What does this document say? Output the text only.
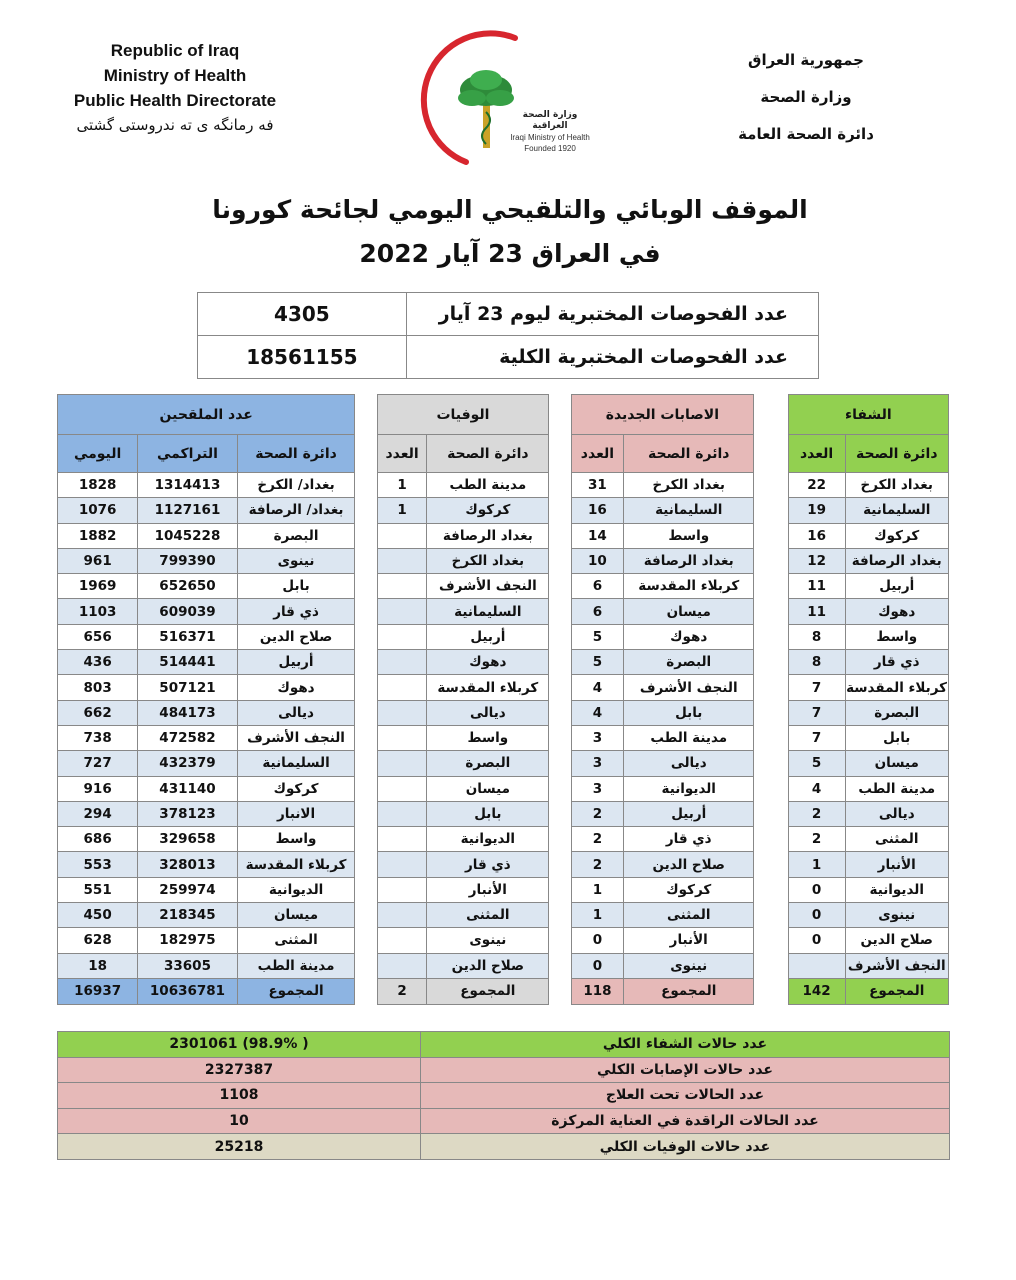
Republic of Iraq
Ministry of Health
Public Health Directorate
فه رمانگه ی ته ندروستی گشتی
جمهورية العراق
وزارة الصحة
دائرة الصحة العامة
وزارة الصحة العراقية
Iraqi Ministry of Health
Founded 1920
الموقف الوبائي والتلقيحي اليومي لجائحة كورونا
في العراق 23 آيار 2022
عدد الفحوصات المختبرية ليوم 23 آيار	4305
عدد الفحوصات المختبرية الكلية	18561155
الشفاء			الاصابات الجديدة			الوفيات			عدد الملقحين		
دائرة الصحة	العدد		دائرة الصحة	العدد		دائرة الصحة	العدد		دائرة الصحة	التراكمي	اليومي
بغداد الكرخ	22		بغداد الكرخ	31		مدينة الطب	1		بغداد/ الكرخ	1314413	1828
السليمانية	19		السليمانية	16		كركوك	1		بغداد/ الرصافة	1127161	1076
كركوك	16		واسط	14		بغداد الرصافة			البصرة	1045228	1882
بغداد الرصافة	12		بغداد الرصافة	10		بغداد الكرخ			نينوى	799390	961
أربيل	11		كربلاء المقدسة	6		النجف الأشرف			بابل	652650	1969
دهوك	11		ميسان	6		السليمانية			ذي قار	609039	1103
واسط	8		دهوك	5		أربيل			صلاح الدين	516371	656
ذي قار	8		البصرة	5		دهوك			أربيل	514441	436
كربلاء المقدسة	7		النجف الأشرف	4		كربلاء المقدسة			دهوك	507121	803
البصرة	7		بابل	4		ديالى			ديالى	484173	662
بابل	7		مدينة الطب	3		واسط			النجف الأشرف	472582	738
ميسان	5		ديالى	3		البصرة			السليمانية	432379	727
مدينة الطب	4		الديوانية	3		ميسان			كركوك	431140	916
ديالى	2		أربيل	2		بابل			الانبار	378123	294
المثنى	2		ذي قار	2		الديوانية			واسط	329658	686
الأنبار	1		صلاح الدين	2		ذي قار			كربلاء المقدسة	328013	553
الديوانية	0		كركوك	1		الأنبار			الديوانية	259974	551
نينوى	0		المثنى	1		المثنى			ميسان	218345	450
صلاح الدين	0		الأنبار	0		نينوى			المثنى	182975	628
النجف الأشرف			نينوى	0		صلاح الدين			مدينة الطب	33605	18
المجموع	142		المجموع	118		المجموع	2		المجموع	10636781	16937
عدد حالات الشفاء الكلي	2301061 (98.9% )
عدد حالات الإصابات الكلي	2327387
عدد الحالات تحت العلاج	1108
عدد الحالات الراقدة في العناية المركزة	10
عدد حالات الوفيات الكلي	25218
